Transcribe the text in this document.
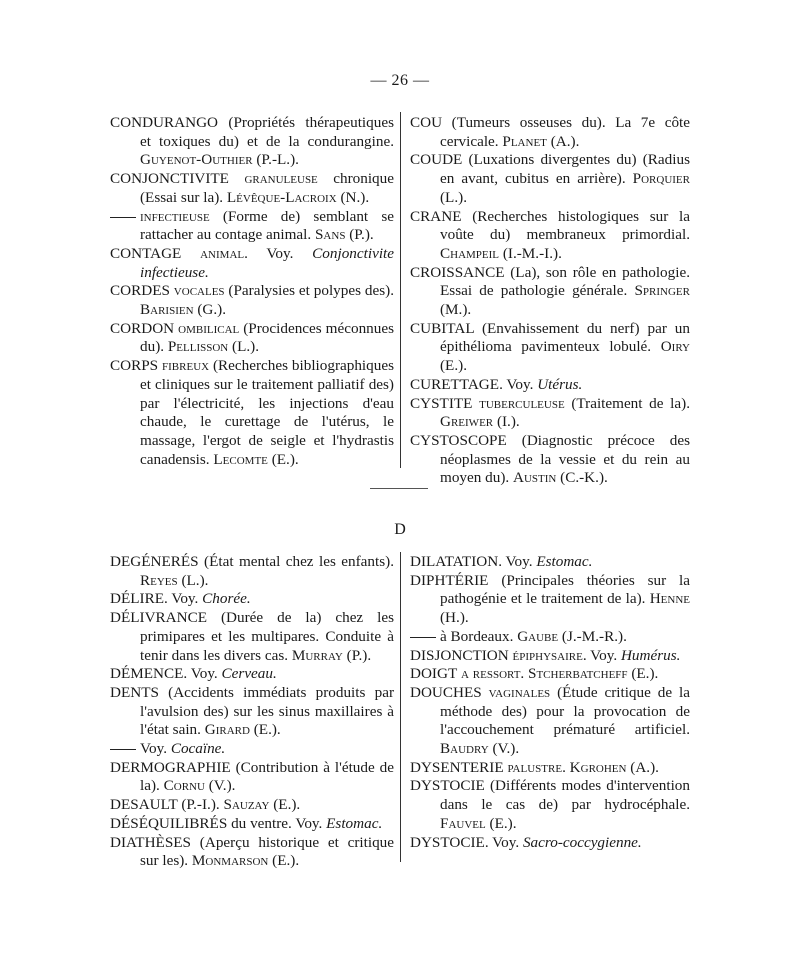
— 26 —
CONDURANGO (Propriétés thérapeutiques et toxiques du) et de la condurangine. Guyenot-Outhier (P.-L.).
CONJONCTIVITE granuleuse chronique (Essai sur la). Lévêque-Lacroix (N.).
infectieuse (Forme de) semblant se rattacher au contage animal. Sans (P.).
CONTAGE animal. Voy. Conjonctivite infectieuse.
CORDES vocales (Paralysies et polypes des). Barisien (G.).
CORDON ombilical (Procidences méconnues du). Pellisson (L.).
CORPS fibreux (Recherches bibliographiques et cliniques sur le traitement palliatif des) par l'électricité, les injections d'eau chaude, le curettage de l'utérus, le massage, l'ergot de seigle et l'hydrastis canadensis. Lecomte (E.).
COU (Tumeurs osseuses du). La 7e côte cervicale. Planet (A.).
COUDE (Luxations divergentes du) (Radius en avant, cubitus en arrière). Porquier (L.).
CRANE (Recherches histologiques sur la voûte du) membraneux primordial. Champeil (I.-M.-I.).
CROISSANCE (La), son rôle en pathologie. Essai de pathologie générale. Springer (M.).
CUBITAL (Envahissement du nerf) par un épithélioma pavimenteux lobulé. Oiry (E.).
CURETTAGE. Voy. Utérus.
CYSTITE tuberculeuse (Traitement de la). Greiwer (I.).
CYSTOSCOPE (Diagnostic précoce des néoplasmes de la vessie et du rein au moyen du). Austin (C.-K.).
D
DEGÉNERÉS (État mental chez les enfants). Reyes (L.).
DÉLIRE. Voy. Chorée.
DÉLIVRANCE (Durée de la) chez les primipares et les multipares. Conduite à tenir dans les divers cas. Murray (P.).
DÉMENCE. Voy. Cerveau.
DENTS (Accidents immédiats produits par l'avulsion des) sur les sinus maxillaires à l'état sain. Girard (E.).
Voy. Cocaïne.
DERMOGRAPHIE (Contribution à l'étude de la). Cornu (V.).
DESAULT (P.-I.). Sauzay (E.).
DÉSÉQUILIBRÉS du ventre. Voy. Estomac.
DIATHÈSES (Aperçu historique et critique sur les). Monmarson (E.).
DILATATION. Voy. Estomac.
DIPHTÉRIE (Principales théories sur la pathogénie et le traitement de la). Henne (H.).
à Bordeaux. Gaube (J.-M.-R.).
DISJONCTION épiphysaire. Voy. Humérus.
DOIGT a ressort. Stcherbatcheff (E.).
DOUCHES vaginales (Étude critique de la méthode des) pour la provocation de l'accouchement prématuré artificiel. Baudry (V.).
DYSENTERIE palustre. Kgrohen (A.).
DYSTOCIE (Différents modes d'intervention dans le cas de) par hydrocéphale. Fauvel (E.).
DYSTOCIE. Voy. Sacro-coccygienne.
